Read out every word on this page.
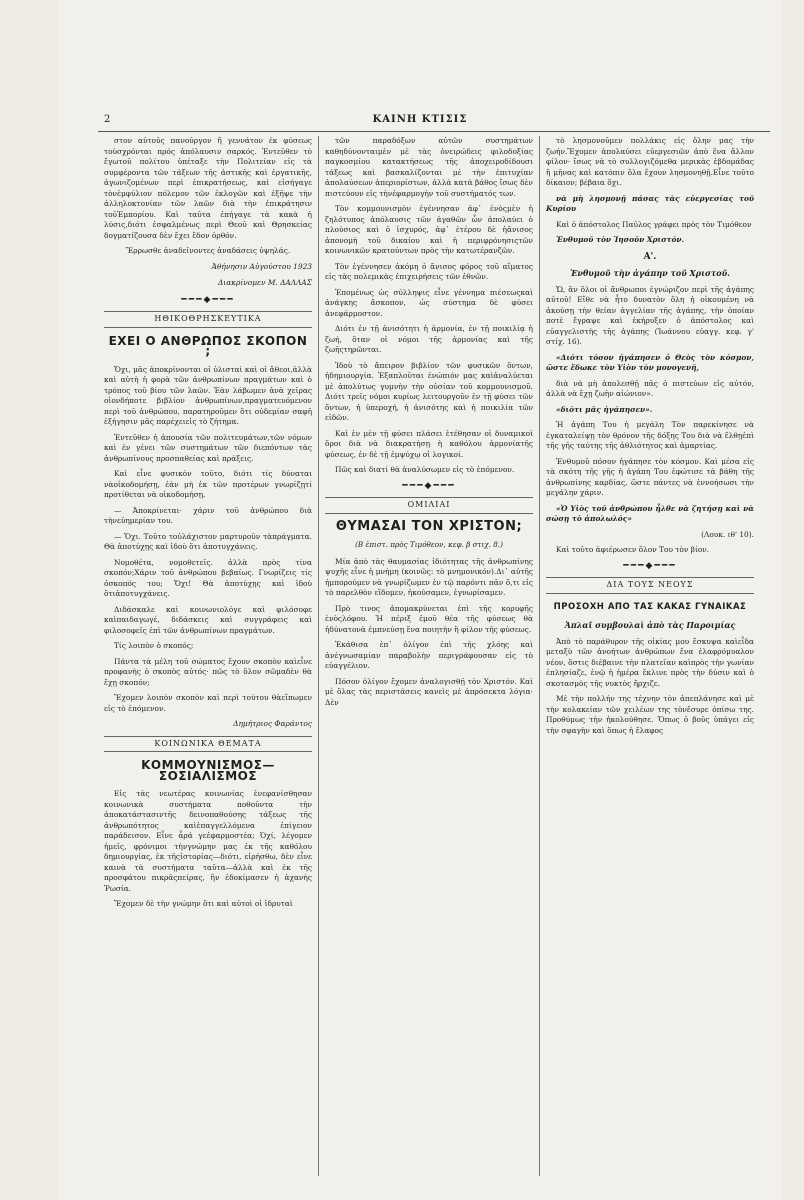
2	ΚΑΙΝΗ ΚΤΙΣΙΣ

στον αὐτοῦς πανοῦργον ἤ γεννάτον ἐκ φύσεως τοὺσχρόνται πρός ἀπόλαυσιν σαρκός. Ἐντεῦθεν τὸ ἔγωτοῦ πολίτου ὑπέταξε τὴν Πολιτείαν εἰς τὰ συμφέροντα τῶν τάξεων τῆς ἀστικῆς καὶ ἐργατικῆς, ἀγωνιζομένων περὶ ἐπικρατήσεως, καὶ εἰσήγαγε τὸνἐμφύλιον πόλεμον τῶν ἐκλογῶν καὶ ἐξῆψε τὴν ἀλληλοκτονίαν τῶν λαῶν διὰ τὴν ἐπικράτησιν τοῦἘμπορίου. Καὶ ταῦτα ἐπήγαγε τὰ κακὰ ἡ λύσις,διότι ἐσφαλμένως περὶ Θεοῦ καὶ Θρησκείας δογματίζουσα δὲν ἔχει ἔδον ὀρθόν.

Ἔρρωσθε ἀναδεῖνοντες ἀναδάσεις ὑψηλάς.

Ἀθήνησιν Αὐγούστου 1923
Διακρίνομεν Μ. ΔΑΛΛΑΣ
━━━◆━━━
ΗΘΙΚΟΘΡΗΣΚΕΥΤΙΚΑ
ΕΧΕΙ Ο ΑΝΘΡΩΠΟΣ ΣΚΟΠΟΝ ;

Ὄχι, μᾶς ἀποκρίνονται οἱ ὑλισταὶ καὶ οἱ ἄθεοι,ἀλλὰ καὶ αὐτὴ ἡ φορὰ τῶν ἀνθρωπίνων πραγμάτων καὶ ὁ τρόπος τοῦ βίου τῶν λαῶν. Ἐὰν λάβωμεν ἀνὰ χεῖρας οἱονδήποτε βιβλίον ἀνθρωπίνων,πραγματευόμενον περὶ τοῦ ἀνθρώπου, παρατηροῦμεν ὅτι οὐδεμίαν σαφῆ ἐξήγησιν μᾶς παρέχειεἰς τὸ ζήτημα.

Ἐντεῦθεν ἡ ἀπουσία τῶν πολιτευμάτων,τῶν νόμων καὶ ἐν γένει τῶν συστημάτων τῶν διεπόντων τὰς ἀνθρωπίνους προσπαθείας καὶ πράξεις.

Καὶ εἶνε φυσικὸν τοῦτο, διότι τίς δύναται νὰοἰκοδομήσῃ, ἐὰν μὴ ἐκ τῶν προτέρων γνωρίζῃτί προτίθεται νὰ οἰκοδομήσῃ.

— Ἀποκρίνεται· χάριν τοῦ ἀνθρώπου διὰ τὴνεὐημερίαν του.

— Ὄχι. Τοῦτο τοὐλάχιστον μαρτυροῦν τὰπράγματα. Θὰ ἀποτύχῃς καὶ ἰδοὺ ὅτι ἀποτυγχάνεις.

Νομοθέτα, νομοθετεῖς. ἀλλὰ πρὸς τίνα σκοπόν;Χάριν τοῦ ἀνθρώπου βεβαίως. Γνωρίζεις τίς ὁσκοπός του; Ὄχι! Θὰ ἀποτύχῃς καὶ ἰδοὺ ὅτιἀποτυγχάνεις.

Διδάσκαλε καὶ κοινωνιολόγε καὶ φιλόσοφε καὶπαιδαγωγέ, διδάσκεις καὶ συγγράφεις καὶ φιλοσοφεῖς ἐπὶ τῶν ἀνθρωπίνων πραγμάτων.

Τίς λοιπὸν ὁ σκοπός;

Πάντα τὰ μέλη τοῦ σώματος ἔχουν σκοπὸν καὶεἶνε προφανὴς ὁ σκοπὸς αὐτός· πῶς τὸ ὅλον σῶμαδὲν θὰ ἔχῃ σκοπόν;

Ἔχομεν λοιπὸν σκοπὸν καὶ περὶ τούτου θὰεἴπωμεν εἰς τὸ ἑπόμενον.

Δημήτριος Φαράντος
ΚΟΙΝΩΝΙΚΑ ΘΕΜΑΤΑ
ΚΟΜΜΟΥΝΙΣΜΟΣ—ΣΟΣΙΑΛΙΣΜΟΣ

Εἰς τὰς νεωτέρας κοινωνίας ἐνεφανίσθησαν κοινωνικὰ συστήματα ποθοῦντα τὴν ἀποκατάστασιντῆς δεινοπαθούσης τάξεως τῆς ἀνθρωπότητος καὶἐπαγγελλόμενα ἐπίγειον παράδεισον. Εἶνε ἆρά γεἐφαρμοστέα; Ὀχί, λέγομεν ἡμεῖς, φρόνιμοι τὴνγνώμην μας ἐκ τῆς καθόλου δημιουργίας, ἐκ τῆςἱστορίας—διότι, εἰρήσθω, δὲν εἶνε καινὰ τὰ συστήματα ταῦτα—ἀλλὰ καὶ ἐκ τῆς προσφάτου πικρᾶςπείρας, ἣν ἐδοκίμασεν ἡ ἀχανὴς Ῥωσία.

Ἔχομεν δὲ τὴν γνώμην ὅτι καὶ αὐτοὶ οἱ ἱδρυταὶ

τῶν παραδόξων αὐτῶν συστημάτων καθηδύνονταιμὲν μὲ τὰς ὀνειρώδεις φιλοδοξίας παγκοσμίου κατακτήσεως τῆς ἀποχειροδίδουσι τάξεως καὶ βασκαλίζονται μὲ τὴν ἐπιτυχίαν ἀπολαύσεων ἀπεριορίστων, ἀλλὰ κατὰ βάθος ἴσως δὲν πιστεύουν εἰς τὴνἐφαρμογὴν τοῦ συστήματός των.

Τὸν κομμουνισμὸν ἐγέννησαν ἀφ᾿ ἑνὸςμὲν ἡ ζηλότυπος ἀπόλαυσις τῶν ἀγαθῶν ὧν ἀπολαύει ὁ πλούσιος καὶ ὁ ἰσχυρός, ἀφ᾿ ἑτέρου δὲ ἡἄνισος ἀπονομὴ τοῦ δικαίου καὶ ἡ περιφρόνησιςτῶν κοινωνικῶν κρατούντων πρὸς τὴν κατωτέρανζῶν.

Τὸν ἐγέννησεν ἀκόμη ὁ ἄνισος φόρος τοῦ αἵματος εἰς τὰς πολεμικὰς ἐπιχειρήσεις τῶν ἐθνῶν.

Ἐπομένως ὡς σύλληψις εἶνε γέννημα πιέσεωςκαὶ ἀνάγκης ἄσκοπον, ὡς σύστημα δὲ φύσει ἀνεφάρμοστον.

Διότι ἐν τῇ ἀνισότητι ἡ ἁρμονία, ἐν τῇ ποικιλίᾳ ἡ ζωή, ὅταν οἱ νόμοι τῆς ἁρμονίας καὶ τῆς ζωῆςτηρῶνται.

Ἰδοὺ τὸ ἄπειρον βιβλίον τῶν φυσικῶν ὄντων, ἡδημιουργία. Ἐξαπλοῦται ἐνώπιόν μας καὶἀναλύεται μὲ ἀπολύτως γυμνὴν τὴν οὐσίαν τοῦ κομμουνισμοῦ. Διότι τρεῖς νόμοι κυρίως λειτουργοῦν ἐν τῇ φύσει τῶν ὄντων, ἡ ὑπεροχή, ἡ ἀνισότης καὶ ἡ ποικιλία τῶν εἰδῶν.

Καὶ ἐν μὲν τῇ φύσει πλάσει ἐτέθησαν οἱ δυναμικοὶ ὅροι διὰ νὰ διακρατήσῃ ἡ καθόλου ἁρμονίατῆς φύσεως, ἐν δὲ τῇ ἐμψύχῳ οἱ λογικοί.

Πῶς καὶ διατί θὰ ἀναλύσωμεν εἰς τὸ ἑπόμενον.

━━━◆━━━
ΟΜΙΛΙΑΙ
ΘΥΜΑΣΑΙ ΤΟΝ ΧΡΙΣΤΟΝ;
(Β ἐπιστ. πρὸς Τιμόθεον, κεφ. β στιχ. 8.)

Μία ἀπὸ τὰς θαυμασίας ἰδιότητας τῆς ἀνθρωπίνης ψυχῆς εἶνε ἡ μνήμη (κοινῶς: τὸ μνημονικόν).Δι᾿ αὐτῆς ἠμπορούμεν νὰ γνωρίζωμεν ἐν τῷ παρόντι πᾶν ὅ,τι εἰς τὸ παρελθὸν εἴδομεν, ἠκούσαμεν, ἐγνωρίσαμεν.

Πρὸ τινος ἀπομακρύνεται ἐπὶ τῆς κορυφῆς ἑνὸςλόφου. Ἡ πέριξ ἐμοῦ θέα τῆς φύσεως θὰ ἠδύνατονὰ ἐμπνεύσῃ ἕνα ποιητὴν ἢ φίλον τῆς φύσεως.

Ἐκάθισα ἐπ᾿ ὀλίγον ἐπὶ τῆς χλόης καὶ ἀνέγνωσαμίαν παραβολὴν περιγράφουσαν εἰς τὸ εὐαγγέλιον.

Πόσον ὀλίγον ἔχομεν ἀναλογισθῇ τὸν Χριστόν. Καὶ μὲ ὅλας τὰς περιστάσεις κανεὶς μὲ ἀπρόσεκτα λόγια· Δὲν

τὸ λησμονοῦμεν πολλάκις εἰς ὅλην μας τὴν ζωήν.Ἔχομεν ἀπολαύσει εὐεργεσιῶν ἀπὸ ἕνα ἄλλον φίλον· ἴσως νὰ τὸ συλλογιζόμεθα μερικὰς ἑβδομάδας ἢ μῆνας καὶ κατόπιν ὅλα ἔχουν λησμονηθῇ.Εἶνε τοῦτο δίκαιον; βέβαια ὄχι.

νὰ μὴ λησμονῇ πάσας τὰς εὐεργεσίας τοῦ Κυρίου

Καὶ ὁ ἀπόστολος Παῦλος γράφει πρὸς τὸν Τιμόθεον

Ἐνθυμοῦ τὸν Ἰησοῦν Χριστόν.

Α'.
Ἐνθυμοῦ τὴν ἀγάπην τοῦ Χριστοῦ.

Ὤ, ἂν ὅλοι οἱ ἄνθρωποι ἐγνώριζον περὶ τῆς ἀγάπης αὐτοῦ! Εἴθε νὰ ἦτο δυνατὸν ὅλη ἡ οἰκουμένη νὰ ἀκούσῃ τὴν θείαν ἀγγελίαν τῆς ἀγάπης, τὴν ὁποίαν ποτὲ ἔγραψε καὶ ἐκήρυξεν ὁ ἀπόστολος καὶ εὐαγγελιστὴς τῆς ἀγάπης (Ἰωάννου εὐαγγ. κεφ. γ' στίχ. 16).

«Διότι τόσον ἠγάπησεν ὁ Θεὸς τὸν κόσμον, ὥστε ἔδωκε τὸν Υἱὸν τὸν μονογενῆ,

διὰ νὰ μὴ ἀπολεσθῇ πᾶς ὁ πιστεύων εἰς αὐτόν, ἀλλὰ νὰ ἔχῃ ζωὴν αἰώνιον».

«διότι μᾶς ἠγάπησεν».

Ἡ ἀγάπη Του ἡ μεγάλη Τὸν παρεκίνησε νὰ ἐγκαταλείψῃ τὸν θρόνον τῆς δόξης Του διὰ νὰ ἔλθῃἐπὶ τῆς γῆς ταύτης τῆς ἀθλιότητος καὶ ἁμαρτίας.

Ἐνθυμοῦ πόσον ἠγάπησε τὸν κόσμον. Καὶ μέσα εἰς τὰ σκότη τῆς γῆς ἡ ἀγάπη Του ἐφώτισε τὰ βάθη τῆς ἀνθρωπίνης καρδίας, ὥστε πάντες νὰ ἐννοήσωσι τὴν μεγάλην χάριν.

«Ὁ Υἱὸς τοῦ ἀνθρώπου ἦλθε νὰ ζητήσῃ καὶ νὰ σώσῃ τὸ ἀπολωλός»

(Λουκ. ιθ' 10).

Καὶ τοῦτο ἀφιέρωσεν ὅλον Του τὸν βίον.

━━━◆━━━
ΔΙΑ ΤΟΥΣ ΝΕΟΥΣ
ΠΡΟΣΟΧΗ ΑΠΟ ΤΑΣ ΚΑΚΑΣ ΓΥΝΑΙΚΑΣ
Ἁπλαῖ συμβουλαὶ ἀπὸ τὰς Παροιμίας

Ἀπὸ τὸ παράθυρον τῆς οἰκίας μου ἔσκυψα καὶεἶδα μεταξὺ τῶν ἀνοήτων ἀνθρώπων ἕνα ἐλαφρόμυαλον νέον, ὅστις διέβαινε τὴν πλατεῖαν καὶπρὸς τὴν γωνίαν ἐπλησίαζε, ἐνῷ ἡ ἡμέρα ἔκλινε πρὸς τὴν δύσιν καὶ ὁ σκοτασμὸς τῆς νυκτὸς ἤρχιζε.

Μὲ τὴν πολλήν της τέχνην τὸν ἀπεπλάνησε καὶ μὲ τὴν κολακείαν τῶν χειλέων της τὸνἔσυρε ὀπίσω της. Προθύμως τὴν ἠκολούθησε. Ὅπως ὁ βοῦς ὑπάγει εἰς τὴν σφαγὴν καὶ ὅπως ἡ ἔλαφος
